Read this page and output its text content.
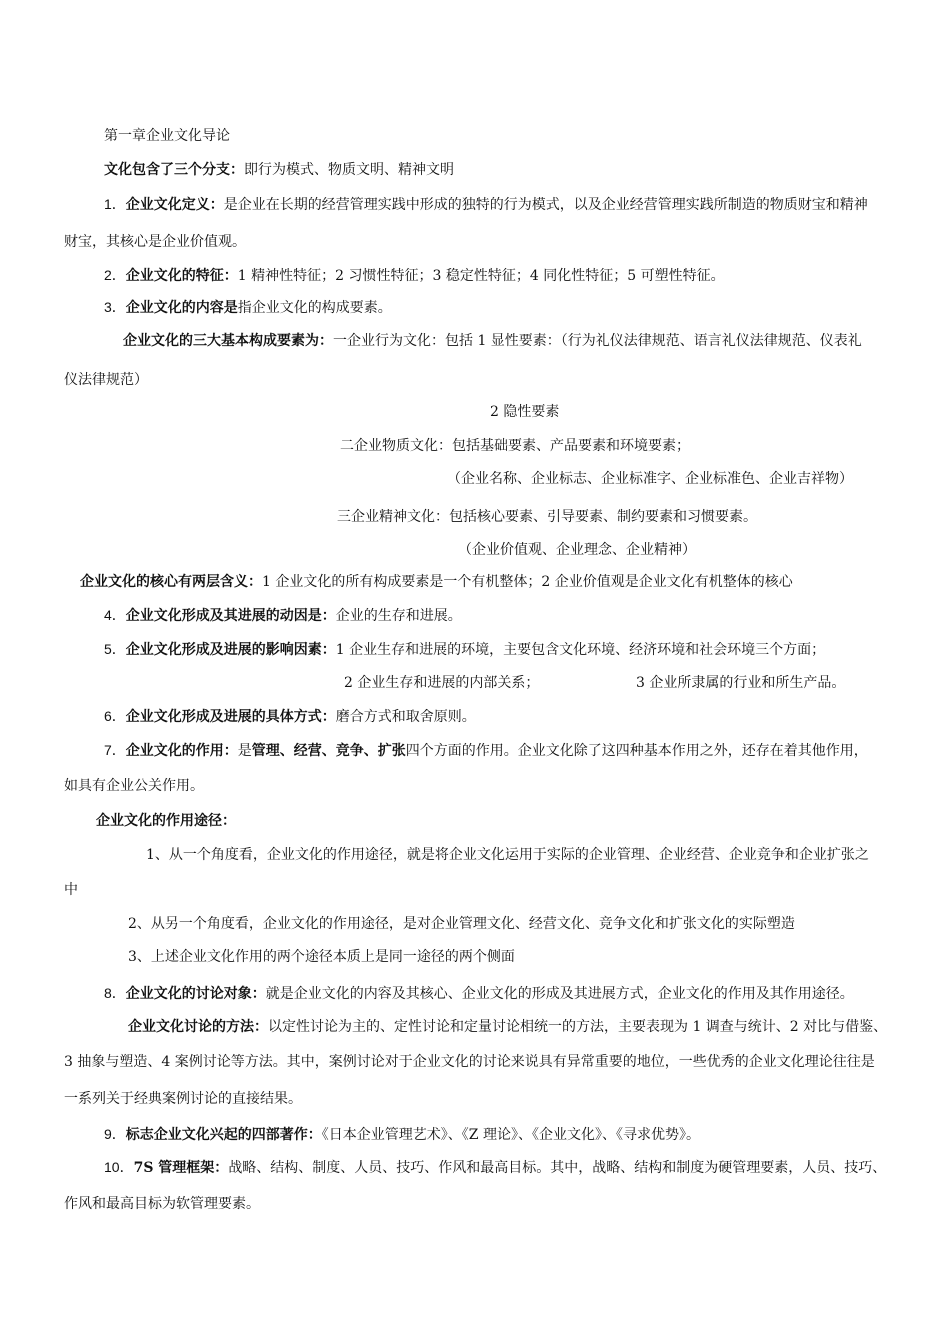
第一章企业文化导论
文化包含了三个分支：即行为模式、物质文明、精神文明
1．企业文化定义：是企业在长期的经营管理实践中形成的独特的行为模式，以及企业经营管理实践所制造的物质财宝和精神
财宝，其核心是企业价值观。
2．企业文化的特征：1 精神性特征；2 习惯性特征；3 稳定性特征；4 同化性特征；5 可塑性特征。
3．企业文化的内容是指企业文化的构成要素。
企业文化的三大基本构成要素为：一企业行为文化：包括 1 显性要素：（行为礼仪法律规范、语言礼仪法律规范、仪表礼
仪法律规范）
2 隐性要素
二企业物质文化：包括基础要素、产品要素和环境要素；
（企业名称、企业标志、企业标准字、企业标准色、企业吉祥物）
三企业精神文化：包括核心要素、引导要素、制约要素和习惯要素。
（企业价值观、企业理念、企业精神）
企业文化的核心有两层含义：1 企业文化的所有构成要素是一个有机整体；2 企业价值观是企业文化有机整体的核心
4．企业文化形成及其进展的动因是：企业的生存和进展。
5．企业文化形成及进展的影响因素：1 企业生存和进展的环境，主要包含文化环境、经济环境和社会环境三个方面；
2 企业生存和进展的内部关系；	3 企业所隶属的行业和所生产品。
6．企业文化形成及进展的具体方式：磨合方式和取舍原则。
7．企业文化的作用：是管理、经营、竞争、扩张四个方面的作用。企业文化除了这四种基本作用之外，还存在着其他作用，
如具有企业公关作用。
企业文化的作用途径：
1、从一个角度看，企业文化的作用途径，就是将企业文化运用于实际的企业管理、企业经营、企业竞争和企业扩张之
中
2、从另一个角度看，企业文化的作用途径，是对企业管理文化、经营文化、竞争文化和扩张文化的实际塑造
3、上述企业文化作用的两个途径本质上是同一途径的两个侧面
8．企业文化的讨论对象：就是企业文化的内容及其核心、企业文化的形成及其进展方式，企业文化的作用及其作用途径。
企业文化讨论的方法：以定性讨论为主的、定性讨论和定量讨论相统一的方法，主要表现为 1 调查与统计、2 对比与借鉴、
3 抽象与塑造、4 案例讨论等方法。其中，案例讨论对于企业文化的讨论来说具有异常重要的地位，一些优秀的企业文化理论往往是
一系列关于经典案例讨论的直接结果。
9．标志企业文化兴起的四部著作：《日本企业管理艺术》、《Z 理论》、《企业文化》、《寻求优势》。
10．7S 管理框架：战略、结构、制度、人员、技巧、作风和最高目标。其中，战略、结构和制度为硬管理要素，人员、技巧、
作风和最高目标为软管理要素。
